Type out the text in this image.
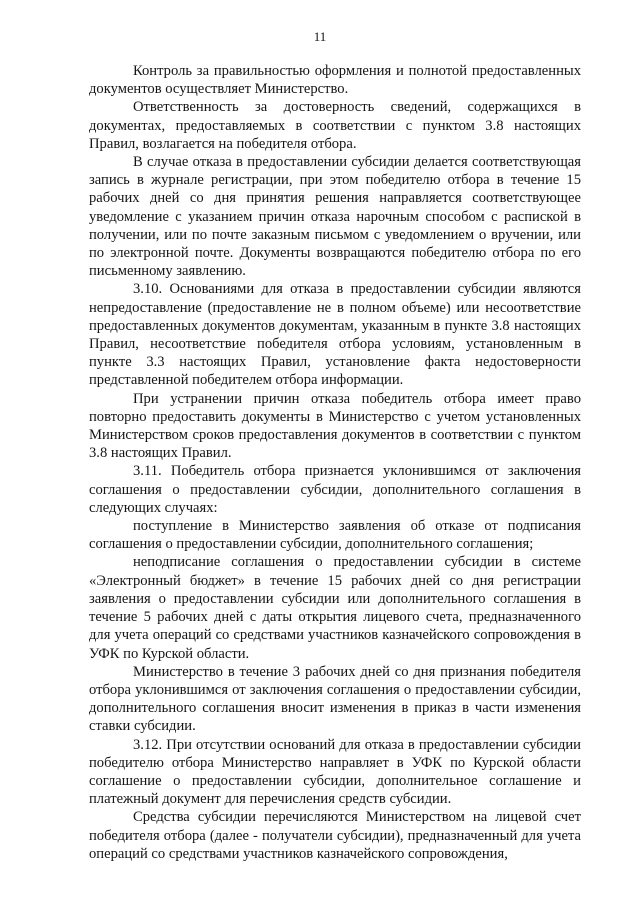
11

Контроль за правильностью оформления и полнотой предоставленных документов осуществляет Министерство.

Ответственность за достоверность сведений, содержащихся в документах, предоставляемых в соответствии с пунктом 3.8 настоящих Правил, возлагается на победителя отбора.

В случае отказа в предоставлении субсидии делается соответствующая запись в журнале регистрации, при этом победителю отбора в течение 15 рабочих дней со дня принятия решения направляется соответствующее уведомление с указанием причин отказа нарочным способом с распиской в получении, или по почте заказным письмом с уведомлением о вручении, или по электронной почте. Документы возвращаются победителю отбора по его письменному заявлению.

3.10. Основаниями для отказа в предоставлении субсидии являются непредоставление (предоставление не в полном объеме) или несоответствие предоставленных документов документам, указанным в пункте 3.8 настоящих Правил, несоответствие победителя отбора условиям, установленным в пункте 3.3 настоящих Правил, установление факта недостоверности представленной победителем отбора информации.

При устранении причин отказа победитель отбора имеет право повторно предоставить документы в Министерство с учетом установленных Министерством сроков предоставления документов в соответствии с пунктом 3.8 настоящих Правил.

3.11. Победитель отбора признается уклонившимся от заключения соглашения о предоставлении субсидии, дополнительного соглашения в следующих случаях:

поступление в Министерство заявления об отказе от подписания соглашения о предоставлении субсидии, дополнительного соглашения;

неподписание соглашения о предоставлении субсидии в системе «Электронный бюджет» в течение 15 рабочих дней со дня регистрации заявления о предоставлении субсидии или дополнительного соглашения в течение 5 рабочих дней с даты открытия лицевого счета, предназначенного для учета операций со средствами участников казначейского сопровождения в УФК по Курской области.

Министерство в течение 3 рабочих дней со дня признания победителя отбора уклонившимся от заключения соглашения о предоставлении субсидии, дополнительного соглашения вносит изменения в приказ в части изменения ставки субсидии.

3.12. При отсутствии оснований для отказа в предоставлении субсидии победителю отбора Министерство направляет в УФК по Курской области соглашение о предоставлении субсидии, дополнительное соглашение и платежный документ для перечисления средств субсидии.

Средства субсидии перечисляются Министерством на лицевой счет победителя отбора (далее - получатели субсидии), предназначенный для учета операций со средствами участников казначейского сопровождения,
